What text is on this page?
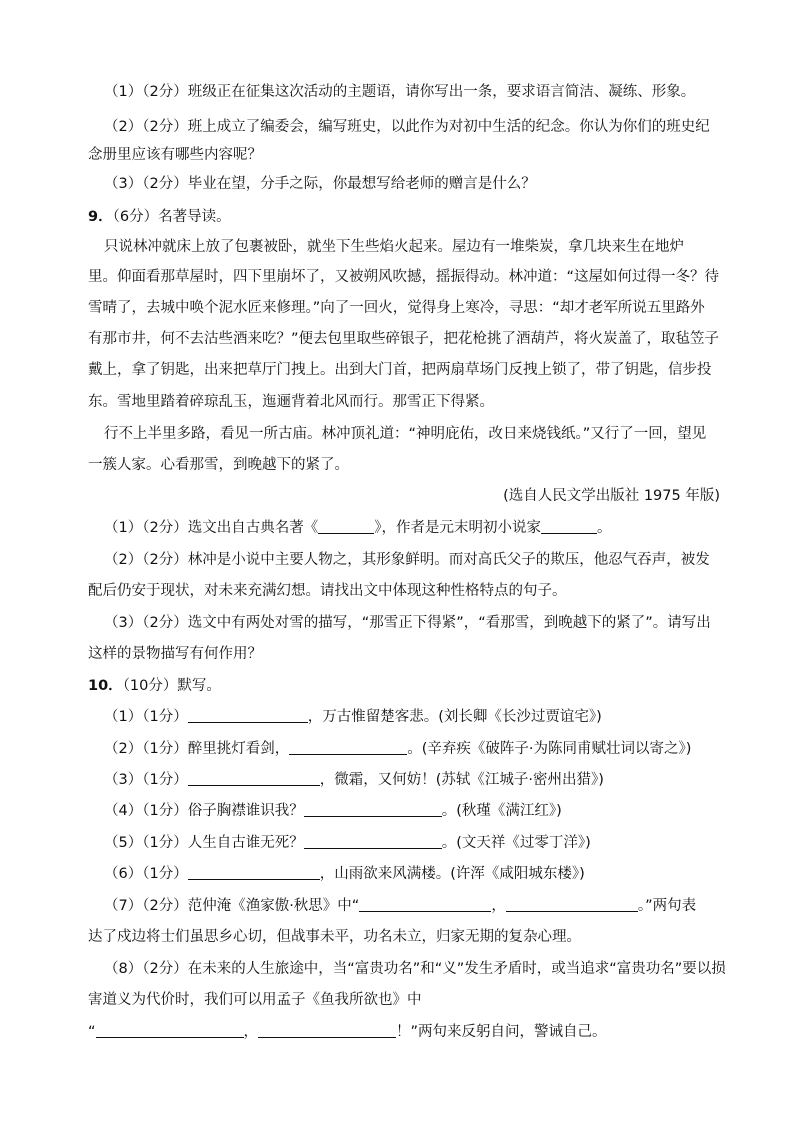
（1）（2分）班级正在征集这次活动的主题语，请你写出一条，要求语言简洁、凝练、形象。
（2）（2分）班上成立了编委会，编写班史，以此作为对初中生活的纪念。你认为你们的班史纪
念册里应该有哪些内容呢？
（3）（2分）毕业在望，分手之际，你最想写给老师的赠言是什么？
9．（6分）名著导读。
只说林冲就床上放了包裹被卧，就坐下生些焰火起来。屋边有一堆柴炭，拿几块来生在地炉
里。仰面看那草屋时，四下里崩坏了，又被朔风吹撼，摇振得动。林冲道：“这屋如何过得一冬？待
雪晴了，去城中唤个泥水匠来修理。”向了一回火，觉得身上寒冷，寻思：“却才老军所说五里路外
有那市井，何不去沽些酒来吃？”便去包里取些碎银子，把花枪挑了酒葫芦，将火炭盖了，取毡笠子
戴上，拿了钥匙，出来把草厅门拽上。出到大门首，把两扇草场门反拽上锁了，带了钥匙，信步投
东。雪地里踏着碎琼乱玉，迤逦背着北风而行。那雪正下得紧。
行不上半里多路，看见一所古庙。林冲顶礼道：“神明庇佑，改日来烧钱纸。”又行了一回，望见
一簇人家。心看那雪，到晚越下的紧了。
(选自人民文学出版社 1975 年版)
（1）（2分）选文出自古典名著《	》，作者是元末明初小说家	。
（2）（2分）林冲是小说中主要人物之，其形象鲜明。而对高氏父子的欺压，他忍气吞声，被发
配后仍安于现状，对未来充满幻想。请找出文中体现这种性格特点的句子。
（3）（2分）选文中有两处对雪的描写，“那雪正下得紧”，“看那雪，到晚越下的紧了”。请写出
这样的景物描写有何作用？
10．（10分）默写。
（1）（1分）	，万古惟留楚客悲。(刘长卿《长沙过贾谊宅》)
（2）（1分）醉里挑灯看剑，	。(辛弃疾《破阵子·为陈同甫赋壮词以寄之》)
（3）（1分）	，微霜，又何妨！(苏轼《江城子·密州出猎》)
（4）（1分）俗子胸襟谁识我？	。(秋瑾《满江红》)
（5）（1分）人生自古谁无死？	。(文天祥《过零丁洋》)
（6）（1分）	，山雨欲来风满楼。(许浑《咸阳城东楼》)
（7）（2分）范仲淹《渔家傲·秋思》中“	，	。”两句表
达了戍边将士们虽思乡心切，但战事未平，功名未立，归家无期的复杂心理。
（8）（2分）在未来的人生旅途中，当“富贵功名”和“义”发生矛盾时，或当追求“富贵功名”要以损
害道义为代价时，我们可以用孟子《鱼我所欲也》中
“	，	！”两句来反躬自问，警诫自己。
